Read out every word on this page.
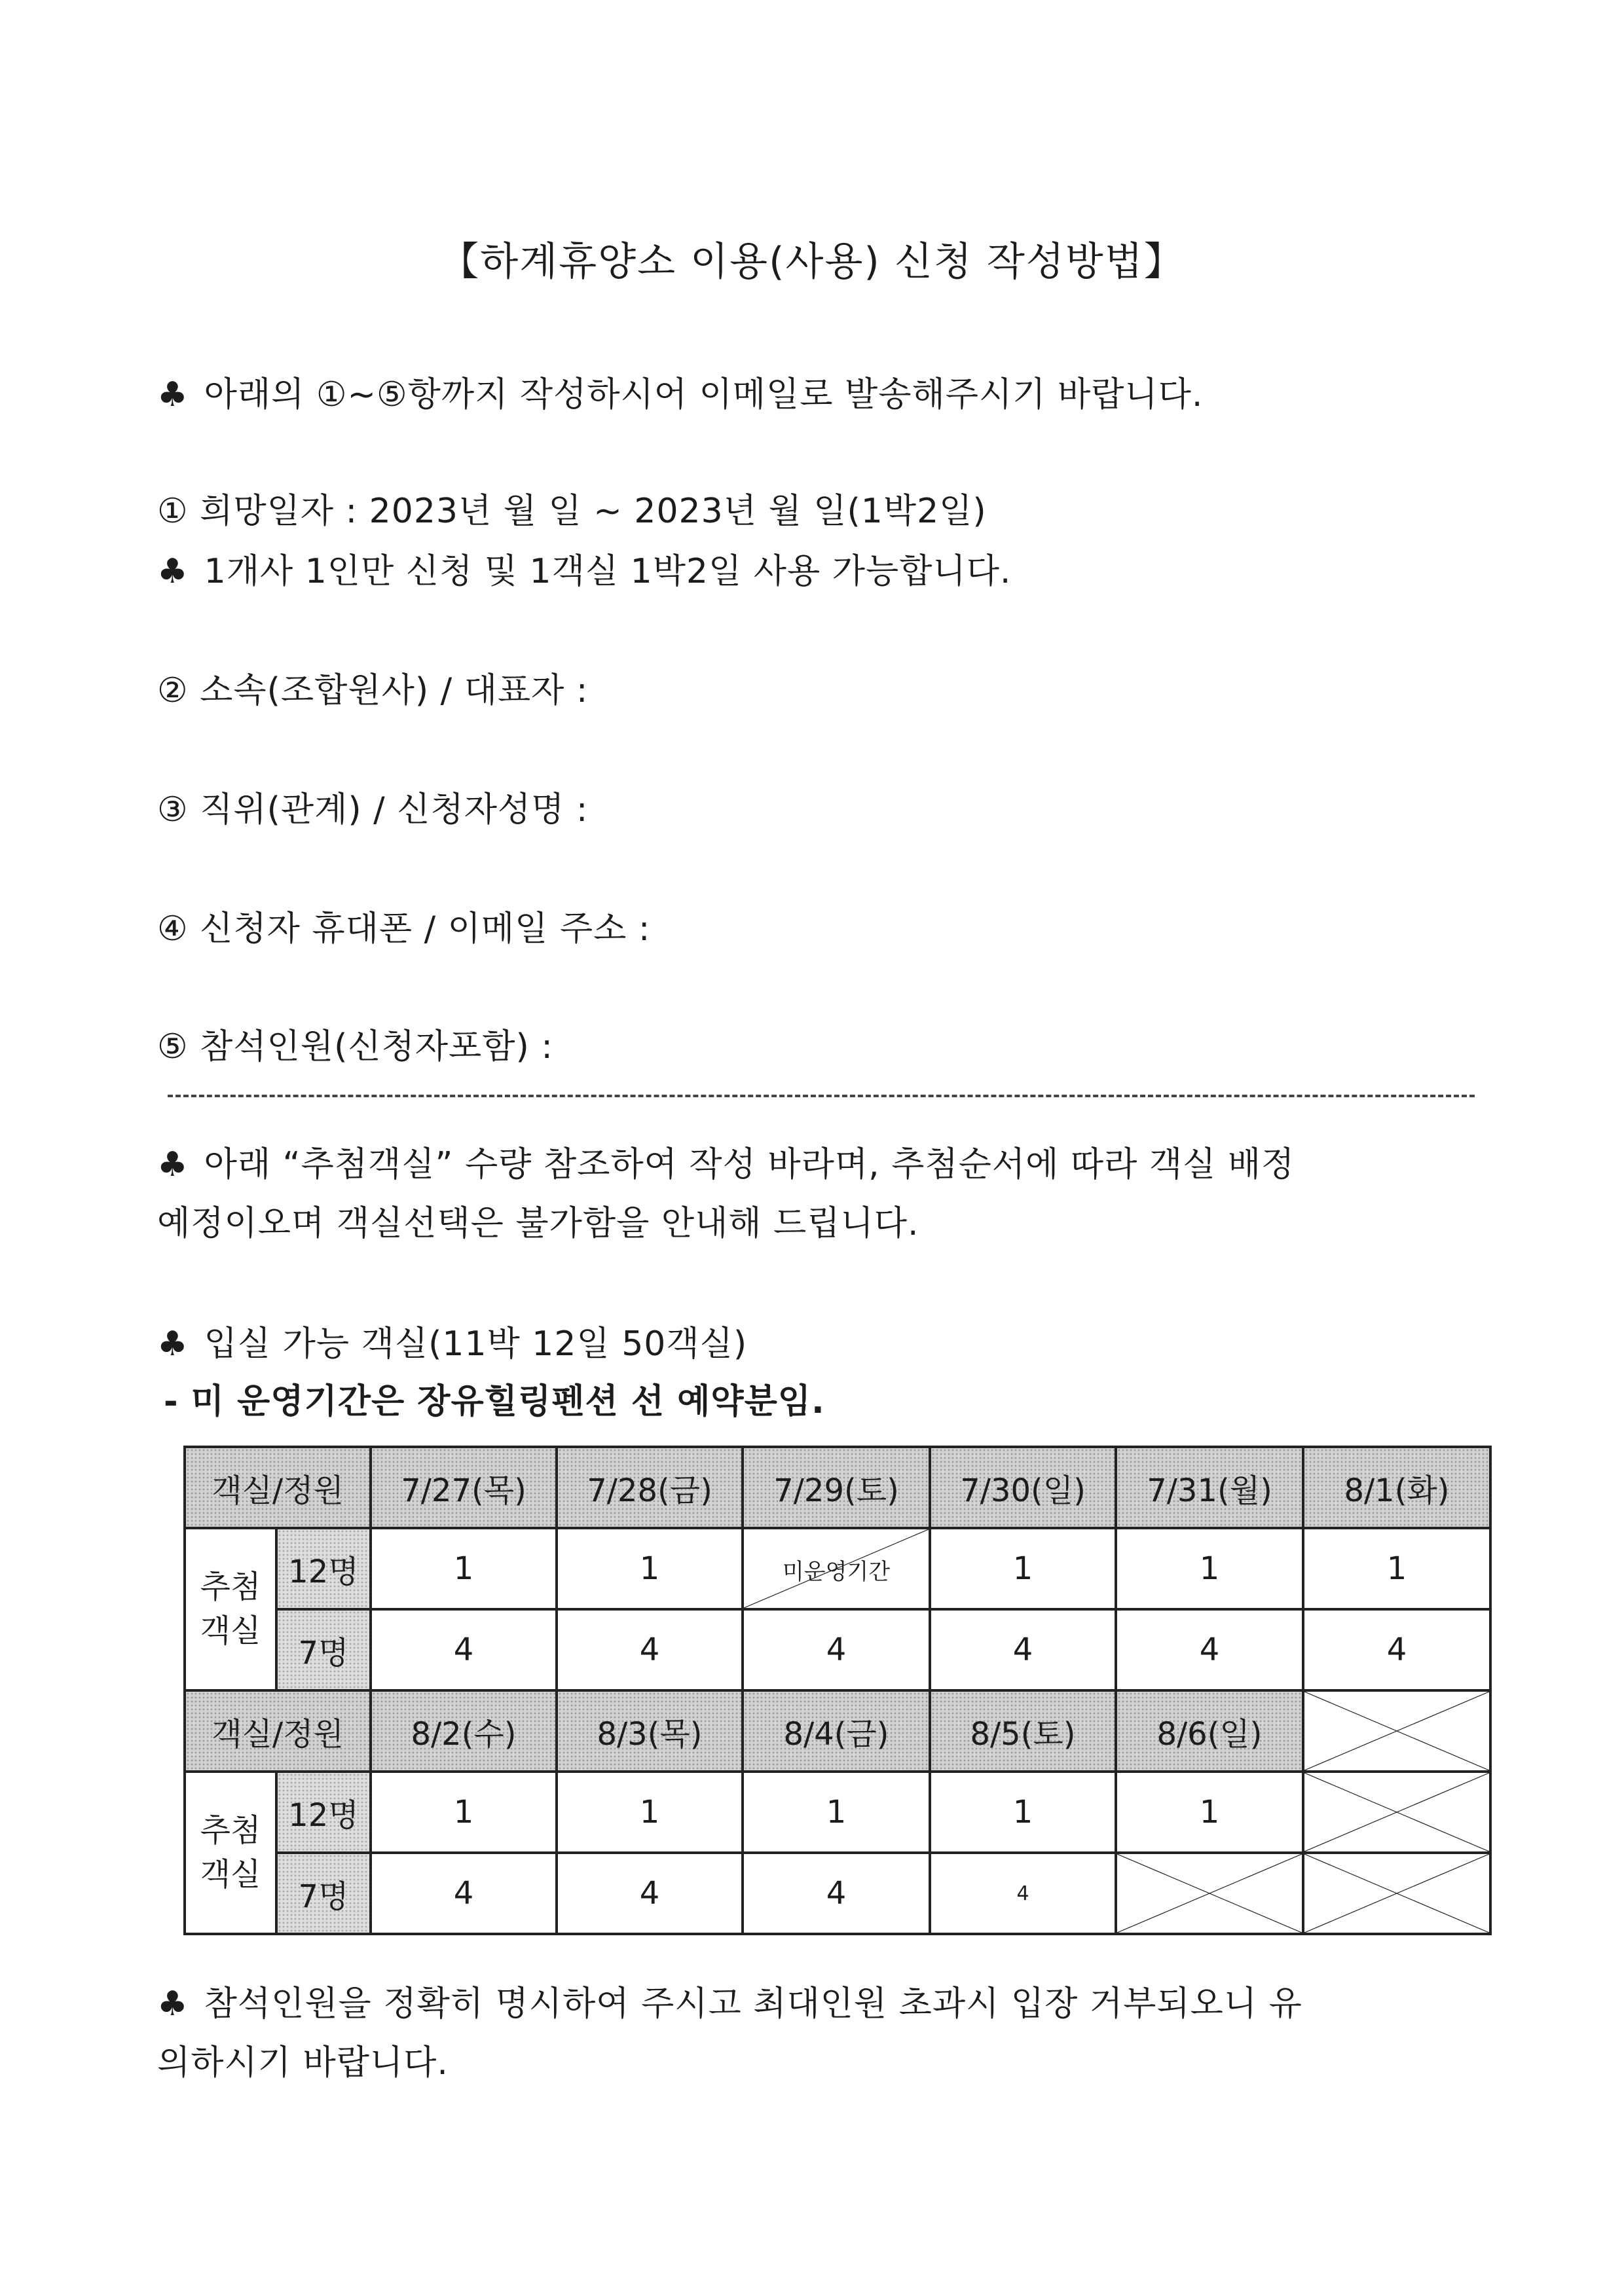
【하계휴양소 이용(사용) 신청 작성방법】
♣ 아래의 ①~⑤항까지 작성하시어 이메일로 발송해주시기 바랍니다.
① 희망일자 : 2023년 월 일 ~ 2023년 월 일(1박2일)
♣ 1개사 1인만 신청 및 1객실 1박2일 사용 가능합니다.
② 소속(조합원사) / 대표자 :
③ 직위(관계) / 신청자성명 :
④ 신청자 휴대폰 / 이메일 주소 :
⑤ 참석인원(신청자포함) :
♣ 아래 “추첨객실” 수량 참조하여 작성 바라며, 추첨순서에 따라 객실 배정
예정이오며 객실선택은 불가함을 안내해 드립니다.
♣ 입실 가능 객실(11박 12일 50객실)
- 미 운영기간은 장유힐링펜션 선 예약분임.
객실/정원		7/27(목)	7/28(금)	7/29(토)	7/30(일)	7/31(월)	8/1(화)
추첨
객실	12명	1	1	미운영기간	1	1	1
	7명	4	4	4	4	4	4
객실/정원		8/2(수)	8/3(목)	8/4(금)	8/5(토)	8/6(일)	

추첨
객실	12명	1	1	1	1	1	

	7명	4	4	4	4	

♣ 참석인원을 정확히 명시하여 주시고 최대인원 초과시 입장 거부되오니 유
의하시기 바랍니다.
